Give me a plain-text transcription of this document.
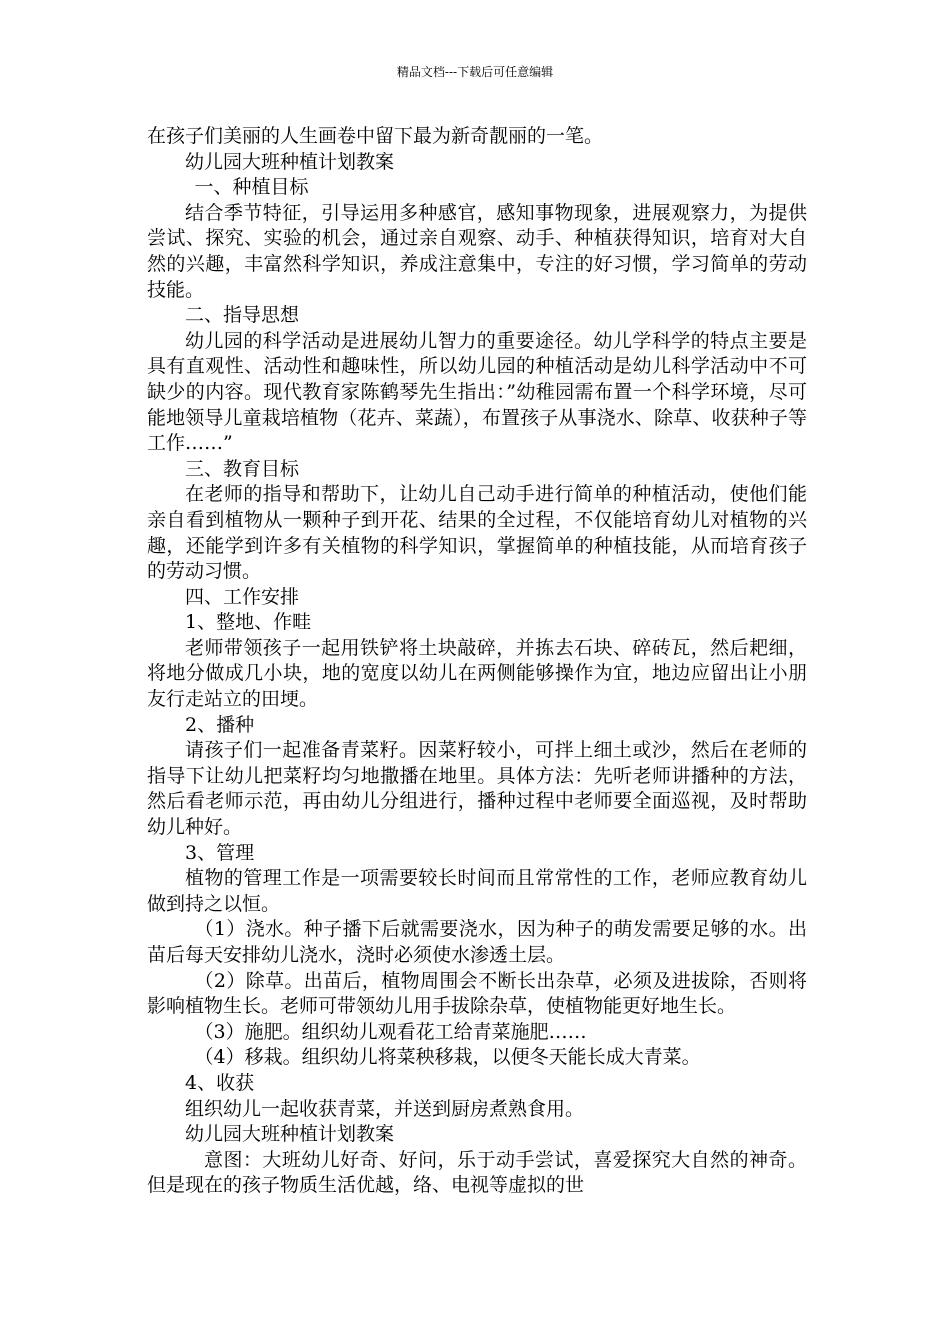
精品文档---下载后可任意编辑

在孩子们美丽的人生画卷中留下最为新奇靓丽的一笔。

幼儿园大班种植计划教案

一、种植目标

结合季节特征，引导运用多种感官，感知事物现象，进展观察力，为提供尝试、探究、实验的机会，通过亲自观察、动手、种植获得知识，培育对大自然的兴趣，丰富然科学知识，养成注意集中，专注的好习惯，学习简单的劳动技能。

二、指导思想

幼儿园的科学活动是进展幼儿智力的重要途径。幼儿学科学的特点主要是具有直观性、活动性和趣味性，所以幼儿园的种植活动是幼儿科学活动中不可缺少的内容。现代教育家陈鹤琴先生指出：”幼稚园需布置一个科学环境，尽可能地领导儿童栽培植物（花卉、菜蔬），布置孩子从事浇水、除草、收获种子等工作……”

三、教育目标

在老师的指导和帮助下，让幼儿自己动手进行简单的种植活动，使他们能亲自看到植物从一颗种子到开花、结果的全过程，不仅能培育幼儿对植物的兴趣，还能学到许多有关植物的科学知识，掌握简单的种植技能，从而培育孩子的劳动习惯。

四、工作安排

1、整地、作畦

老师带领孩子一起用铁铲将土块敲碎，并拣去石块、碎砖瓦，然后耙细，将地分做成几小块，地的宽度以幼儿在两侧能够操作为宜，地边应留出让小朋友行走站立的田埂。

2、播种

请孩子们一起准备青菜籽。因菜籽较小，可拌上细土或沙，然后在老师的指导下让幼儿把菜籽均匀地撒播在地里。具体方法：先听老师讲播种的方法，然后看老师示范，再由幼儿分组进行，播种过程中老师要全面巡视，及时帮助幼儿种好。

3、管理

植物的管理工作是一项需要较长时间而且常常性的工作，老师应教育幼儿做到持之以恒。

（1）浇水。种子播下后就需要浇水，因为种子的萌发需要足够的水。出苗后每天安排幼儿浇水，浇时必须使水渗透土层。

（2）除草。出苗后，植物周围会不断长出杂草，必须及进拔除，否则将影响植物生长。老师可带领幼儿用手拔除杂草，使植物能更好地生长。

（3）施肥。组织幼儿观看花工给青菜施肥……

（4）移栽。组织幼儿将菜秧移栽，以便冬天能长成大青菜。

4、收获

组织幼儿一起收获青菜，并送到厨房煮熟食用。

幼儿园大班种植计划教案

意图：大班幼儿好奇、好问，乐于动手尝试，喜爱探究大自然的神奇。但是现在的孩子物质生活优越，络、电视等虚拟的世
